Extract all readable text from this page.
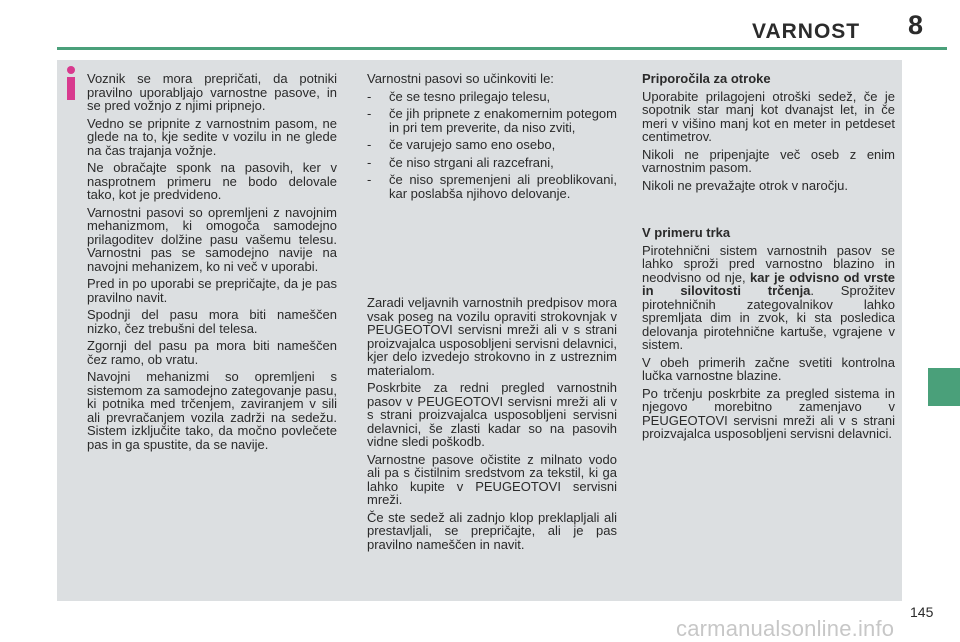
VARNOST 8

Voznik se mora prepričati, da potniki pravilno uporabljajo varnostne pasove, in se pred vožnjo z njimi pripnejo.

Vedno se pripnite z varnostnim pasom, ne glede na to, kje sedite v vozilu in ne glede na čas trajanja vožnje.

Ne obračajte sponk na pasovih, ker v nasprotnem primeru ne bodo delovale tako, kot je predvideno.

Varnostni pasovi so opremljeni z navojnim mehanizmom, ki omogoča samodejno prilagoditev dolžine pasu vašemu telesu. Varnostni pas se samodejno navije na navojni mehanizem, ko ni več v uporabi.

Pred in po uporabi se prepričajte, da je pas pravilno navit.

Spodnji del pasu mora biti nameščen nizko, čez trebušni del telesa.

Zgornji del pasu pa mora biti nameščen čez ramo, ob vratu.

Navojni mehanizmi so opremljeni s sistemom za samodejno zategovanje pasu, ki potnika med trčenjem, zaviranjem v sili ali prevračanjem vozila zadrži na sedežu. Sistem izključite tako, da močno povlečete pas in ga spustite, da se navije.

Varnostni pasovi so učinkoviti le:

- če se tesno prilegajo telesu,
- če jih pripnete z enakomernim potegom in pri tem preverite, da niso zviti,
- če varujejo samo eno osebo,
- če niso strgani ali razcefrani,
- če niso spremenjeni ali preoblikovani, kar poslabša njihovo delovanje.

Zaradi veljavnih varnostnih predpisov mora vsak poseg na vozilu opraviti strokovnjak v PEUGEOTOVI servisni mreži ali v s strani proizvajalca usposobljeni servisni delavnici, kjer delo izvedejo strokovno in z ustreznim materialom.

Poskrbite za redni pregled varnostnih pasov v PEUGEOTOVI servisni mreži ali v s strani proizvajalca usposobljeni servisni delavnici, še zlasti kadar so na pasovih vidne sledi poškodb.

Varnostne pasove očistite z milnato vodo ali pa s čistilnim sredstvom za tekstil, ki ga lahko kupite v PEUGEOTOVI servisni mreži.

Če ste sedež ali zadnjo klop preklapljali ali prestavljali, se prepričajte, ali je pas pravilno nameščen in navit.

Priporočila za otroke

Uporabite prilagojeni otroški sedež, če je sopotnik star manj kot dvanajst let, in če meri v višino manj kot en meter in petdeset centimetrov.

Nikoli ne pripenjajte več oseb z enim varnostnim pasom.

Nikoli ne prevažajte otrok v naročju.

V primeru trka

Pirotehnični sistem varnostnih pasov se lahko sproži pred varnostno blazino in neodvisno od nje, kar je odvisno od vrste in silovitosti trčenja. Sprožitev pirotehničnih zategovalnikov lahko spremljata dim in zvok, ki sta posledica delovanja pirotehnične kartuše, vgrajene v sistem.

V obeh primerih začne svetiti kontrolna lučka varnostne blazine.

Po trčenju poskrbite za pregled sistema in njegovo morebitno zamenjavo v PEUGEOTOVI servisni mreži ali v s strani proizvajalca usposobljeni servisni delavnici.

145
carmanualsonline.info
